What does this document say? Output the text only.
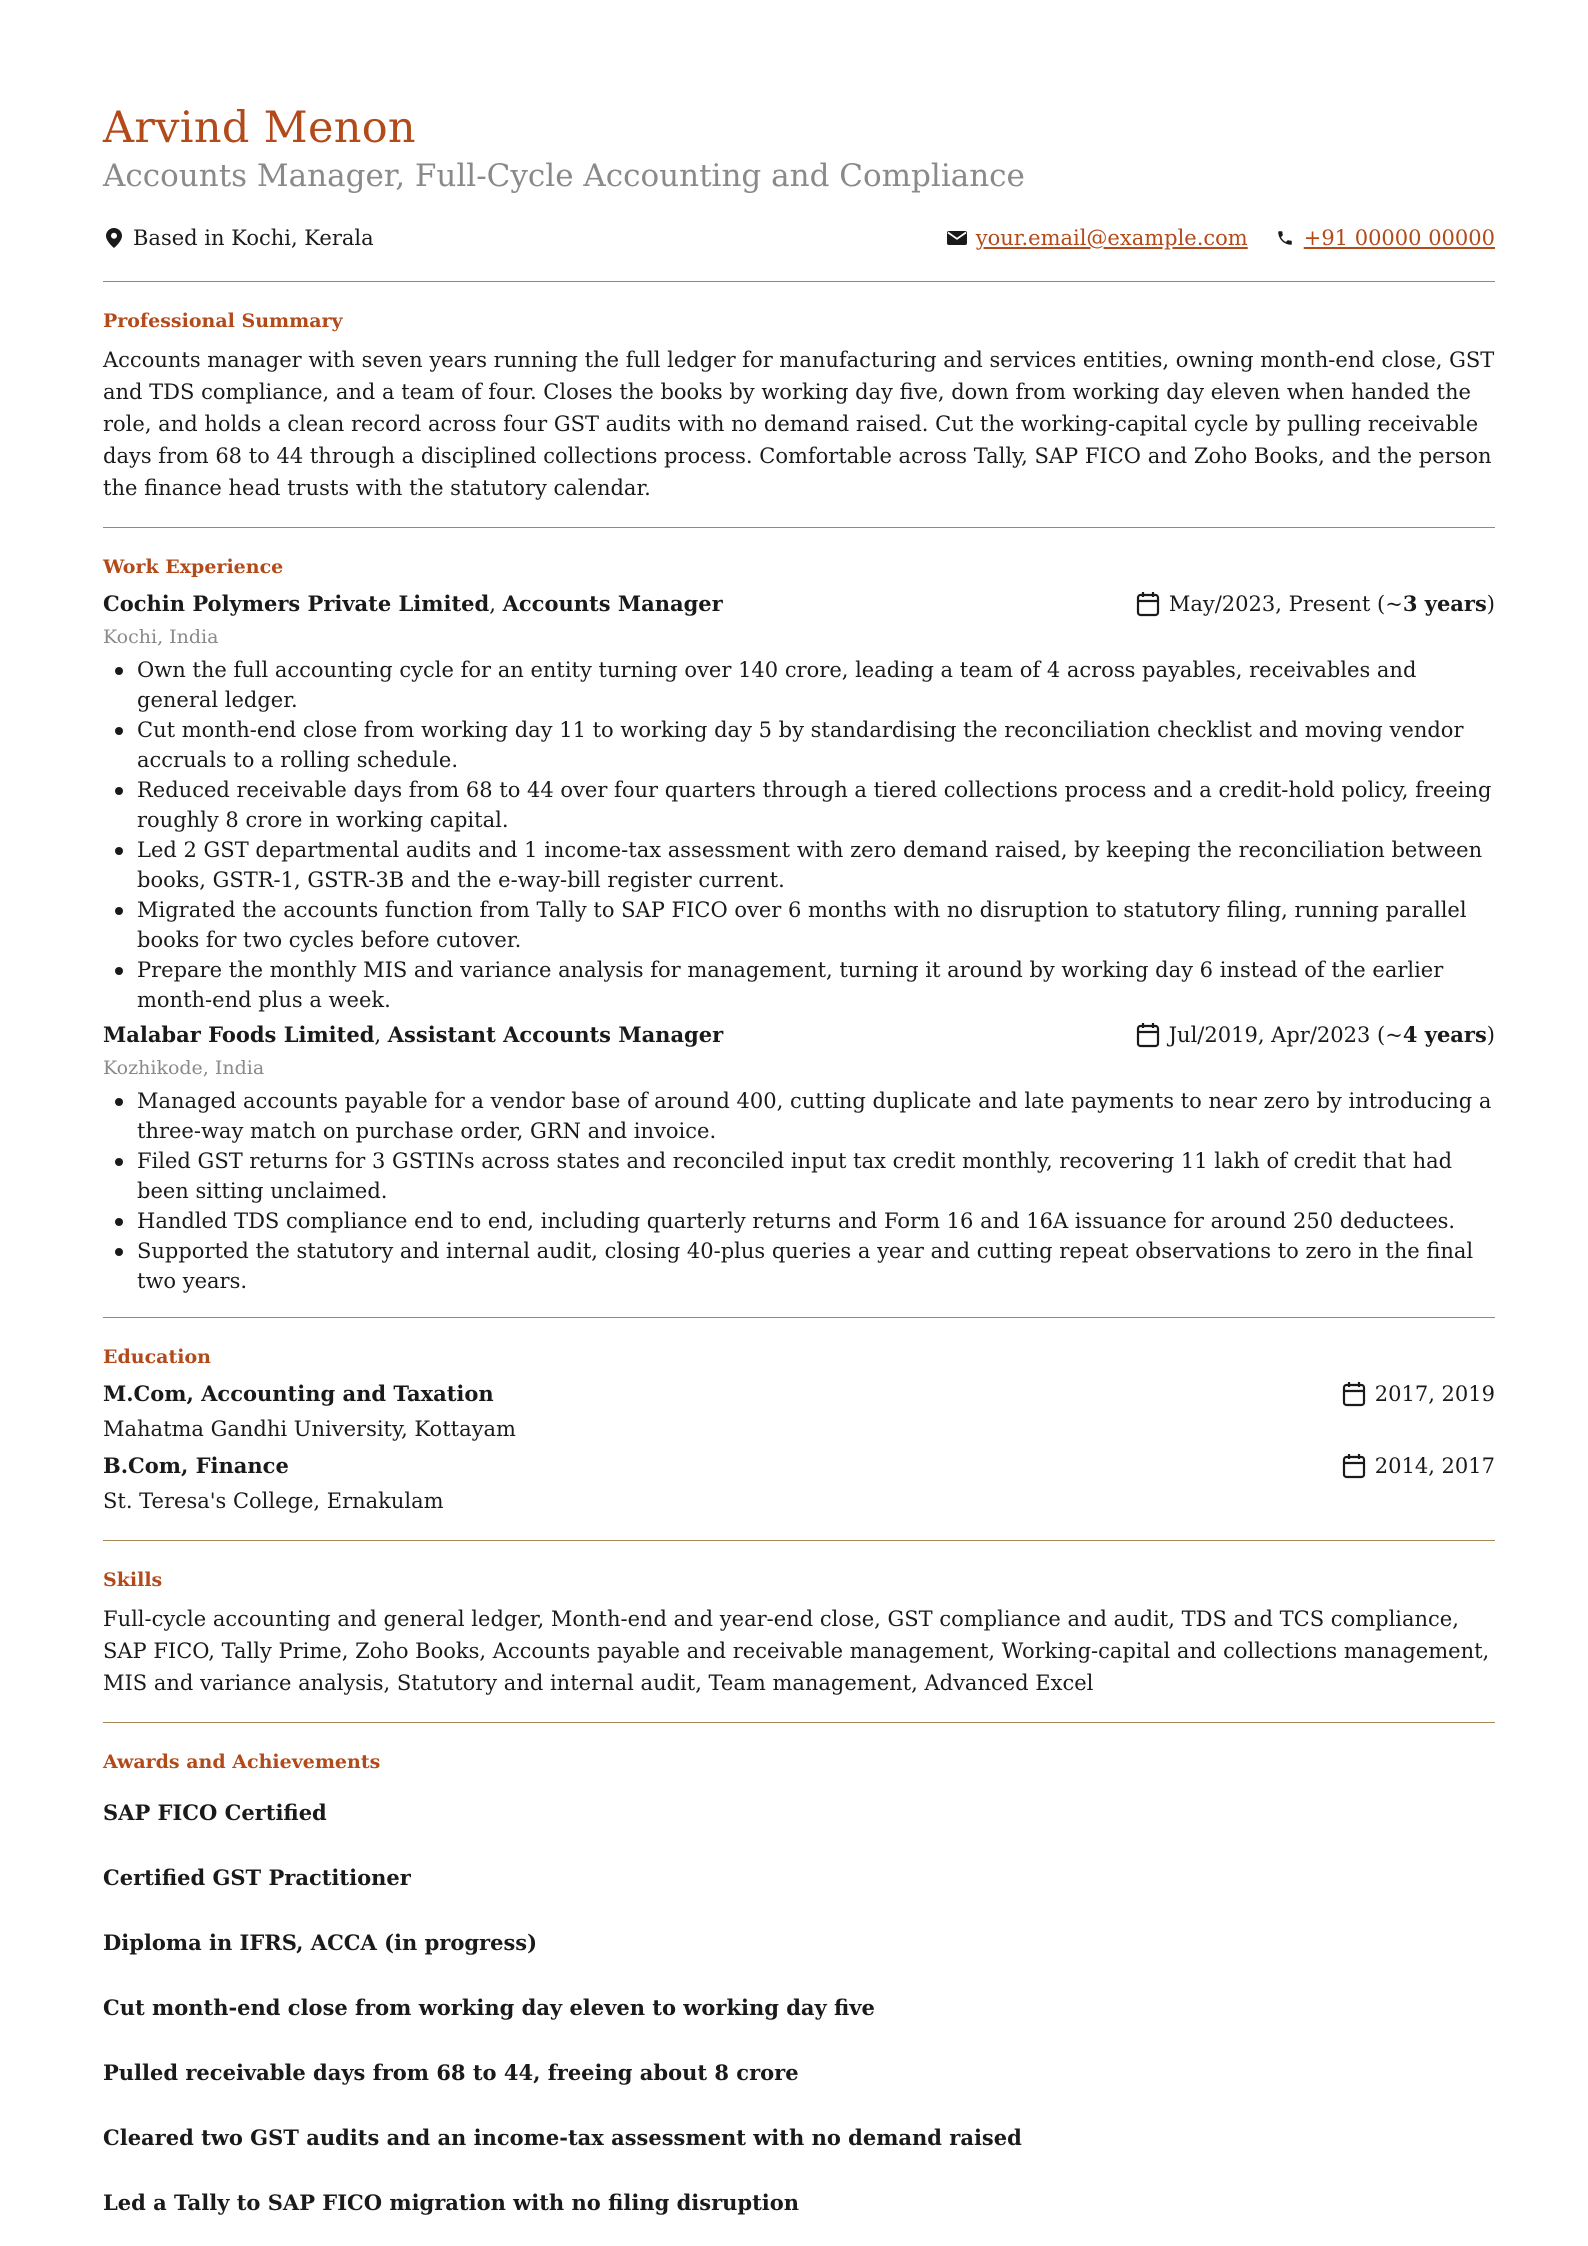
Arvind Menon
Accounts Manager, Full-Cycle Accounting and Compliance
Based in Kochi, Kerala	your.email@example.com	+91 00000 00000
Professional Summary

Accounts manager with seven years running the full ledger for manufacturing and services entities, owning month-end close, GST and TDS compliance, and a team of four. Closes the books by working day five, down from working day eleven when handed the role, and holds a clean record across four GST audits with no demand raised. Cut the working-capital cycle by pulling receivable days from 68 to 44 through a disciplined collections process. Comfortable across Tally, SAP FICO and Zoho Books, and the person the finance head trusts with the statutory calendar.

Work Experience
Cochin Polymers Private Limited, Accounts Manager	May/2023, Present (~ 3 years )
Kochi, India
Own the full accounting cycle for an entity turning over 140 crore, leading a team of 4 across payables, receivables and general ledger.
Cut month-end close from working day 11 to working day 5 by standardising the reconciliation checklist and moving vendor accruals to a rolling schedule.
Reduced receivable days from 68 to 44 over four quarters through a tiered collections process and a credit-hold policy, freeing roughly 8 crore in working capital.
Led 2 GST departmental audits and 1 income-tax assessment with zero demand raised, by keeping the reconciliation between books, GSTR-1, GSTR-3B and the e-way-bill register current.
Migrated the accounts function from Tally to SAP FICO over 6 months with no disruption to statutory filing, running parallel books for two cycles before cutover.
Prepare the monthly MIS and variance analysis for management, turning it around by working day 6 instead of the earlier month-end plus a week.
Malabar Foods Limited, Assistant Accounts Manager	Jul/2019, Apr/2023 (~ 4 years )
Kozhikode, India
Managed accounts payable for a vendor base of around 400, cutting duplicate and late payments to near zero by introducing a three-way match on purchase order, GRN and invoice.
Filed GST returns for 3 GSTINs across states and reconciled input tax credit monthly, recovering 11 lakh of credit that had been sitting unclaimed.
Handled TDS compliance end to end, including quarterly returns and Form 16 and 16A issuance for around 250 deductees.
Supported the statutory and internal audit, closing 40-plus queries a year and cutting repeat observations to zero in the final two years.
Education
M.Com, Accounting and Taxation	2017, 2019
Mahatma Gandhi University, Kottayam
B.Com, Finance	2014, 2017
St. Teresa's College, Ernakulam
Skills

Full-cycle accounting and general ledger, Month-end and year-end close, GST compliance and audit, TDS and TCS compliance, SAP FICO, Tally Prime, Zoho Books, Accounts payable and receivable management, Working-capital and collections management, MIS and variance analysis, Statutory and internal audit, Team management, Advanced Excel

Awards and Achievements
SAP FICO Certified
Certified GST Practitioner
Diploma in IFRS, ACCA (in progress)
Cut month-end close from working day eleven to working day five
Pulled receivable days from 68 to 44, freeing about 8 crore
Cleared two GST audits and an income-tax assessment with no demand raised
Led a Tally to SAP FICO migration with no filing disruption
